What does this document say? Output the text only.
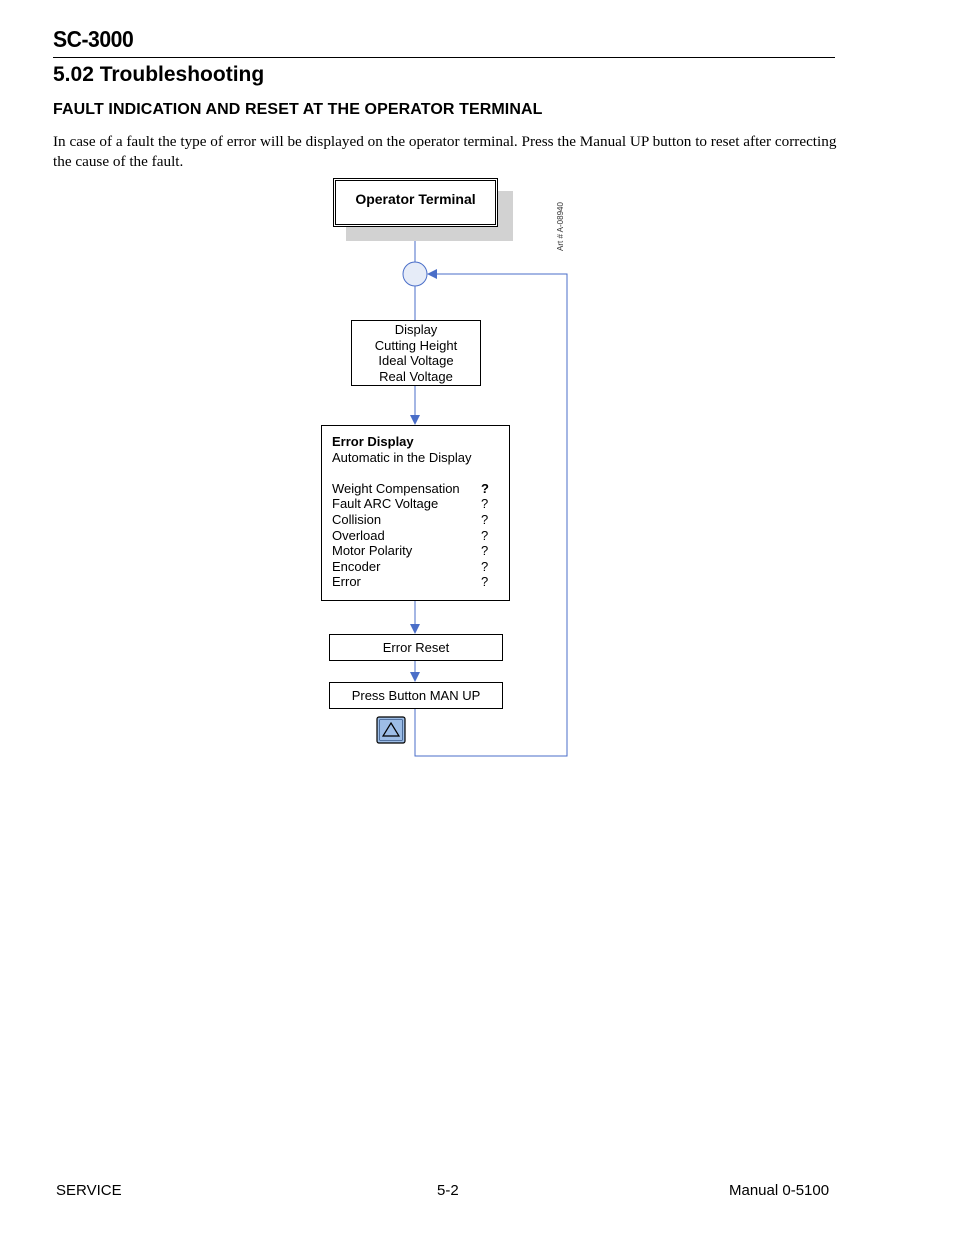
SC-3000
5.02 Troubleshooting
FAULT INDICATION AND RESET AT THE OPERATOR TERMINAL
In case of a fault the type of error will be displayed on the operator terminal. Press the Manual UP button to reset after correcting the cause of the fault.
Operator Terminal
Art # A-08940
Display
Cutting Height
Ideal Voltage
Real Voltage
Error Display
Automatic in the Display
Weight Compensation	?
Fault ARC Voltage	?
Collision	?
Overload	?
Motor Polarity	?
Encoder	?
Error	?
Error Reset
Press Button MAN UP
SERVICE	5-2	Manual 0-5100
